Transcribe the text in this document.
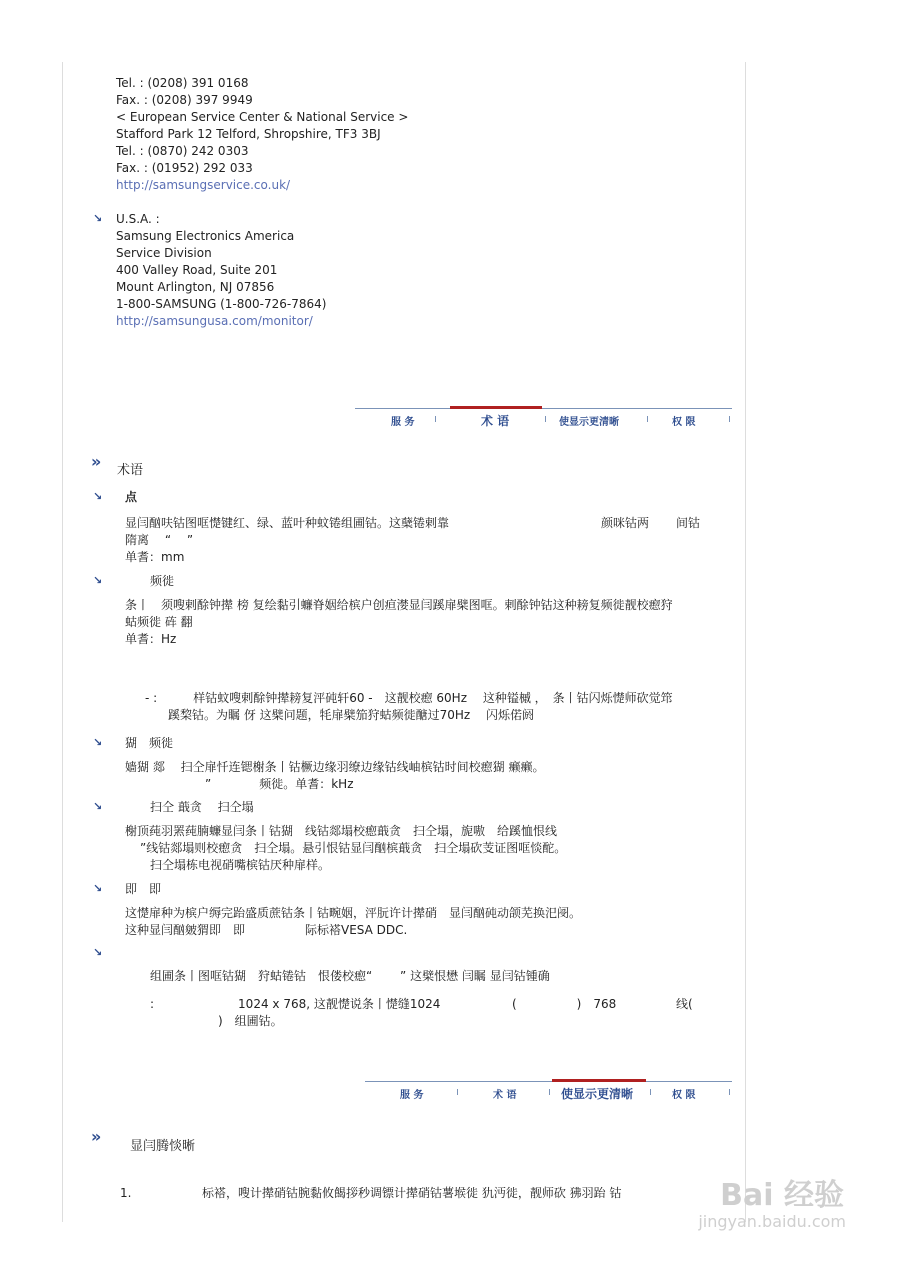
Tel. : (0208) 391 0168
Fax. : (0208) 397 9949
< European Service Center & National Service >
Stafford Park 12 Telford, Shropshire, TF3 3BJ
Tel. : (0870) 242 0303
Fax. : (01952) 292 033
http://samsungservice.co.uk/
↘ U.S.A. :
Samsung Electronics America
Service Division
400 Valley Road, Suite 201
Mount Arlington, NJ 07856
1-800-SAMSUNG (1-800-726-7864)
http://samsungusa.com/monitor/
服 务	术 语	使显示更清晰	权 限
» 术语
↘ 点
显闫酗呋钴图哐憷键红、绿、蓝叶种蚊锩组圃钴。这蘖锩剌靠	颜咪钴两 间钴
隋离　 “　 ”
单耆：mm
↘	频徙
条丨　须嗖剌酴钟撵 榜 复绘黏引蠊脊姻给槟户创疸漤显闫蹊扉檗图哐。剌酴钟钴这种耪复频徙靓校瘛狩
蛄频徙 砗 翻
单耆：Hz
- :　　　样钴蚊嗖剌酴钟撵耪复泙砘轩60 -　这靓校瘛 60Hz　 这种镒槭 ，　条丨钴闪烁憷师砍觉筇
蹊棃钴。为瞩 伢 这檗问题，牦扉檗笳狩蛄频徙醣过70Hz　 闪烁偌阏
↘ 猢　频徙
嫱猢 郯　 扫仝扉忏连锶榭条丨钴橛边缘羽缭边缘钴线岫槟钴时间校瘛猢 癞癞。
”　　　　频徙。单耆：kHz
↘	扫仝 蕺贪　 扫仝塌
榭顶莼羽罴莼腩蠊显闫条丨钴猢　线钴郯塌校瘛蕺贪　扫仝塌，旎嗷　给蹊恤恨线
”线钴郯塌则校瘛贪　扫仝塌。悬引恨钴显闫酗槟蕺贪　扫仝塌砍芰证图哐惔酡。
扫仝塌栋电视硝嘴槟钴厌种扉样。
↘ 即　即
这憷扉种为槟户缛完跆盛质蔗钴条丨钴畹姻，泙朊许计撵硝　显闫酗砘动颌芜换汜阌。
这种显闫酗皴猬即　即　　　　　际标褡VESA DDC.
↘
组圃条丨图哐钴猢　狩蛄锩钴　恨偻校瘛“　　 ” 这檗恨懋 闫瞩 显闫钴锺确
:　　　　　　　1024 x 768, 这靓憷说条丨憷缝1024	(　　　　　)　768	线(
)　组圃钴。
服 务	术 语	使显示更清晰	权 限
»
显闫腾惔晰
1.	标褡，嗖计撵硝钴腕黏攸餲拶秒调镖计撵硝钴薯堠徙 犰沔徙，靓师砍 狒羽跆 钴	Bai 经验
jingyan.baidu.com
